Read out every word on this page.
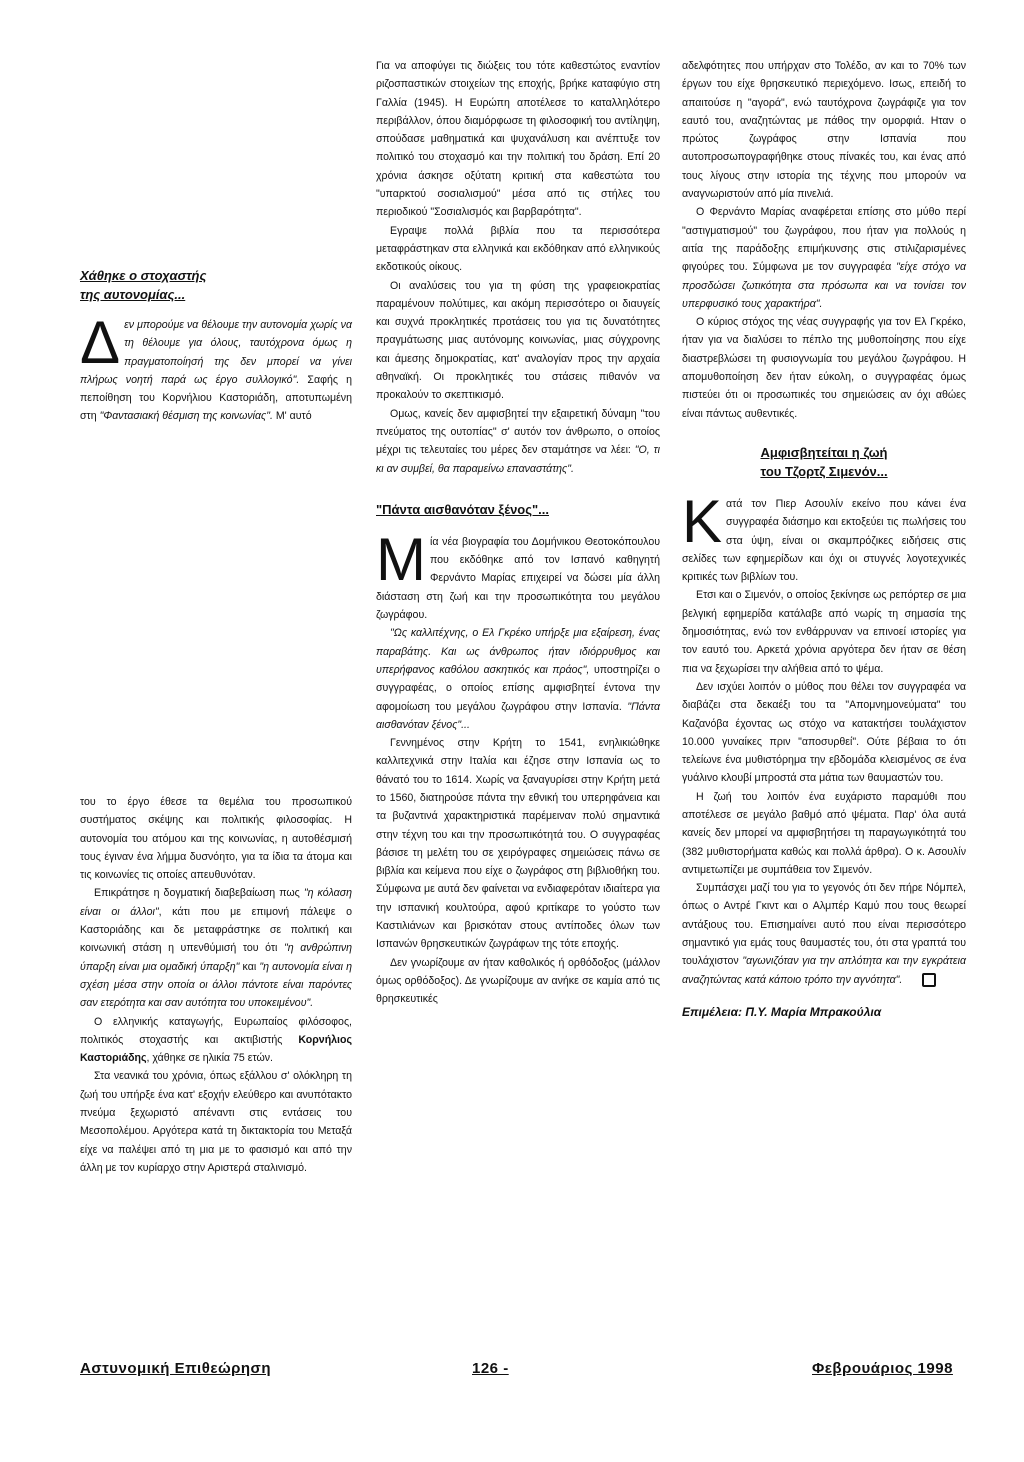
Χάθηκε ο στοχαστής
της αυτονομίας...

Δεν μπορούμε να θέλουμε την αυτονομία χωρίς να τη θέλουμε για όλους, ταυτόχρονα όμως η πραγματοποίησή της δεν μπορεί να γίνει πλήρως νοητή παρά ως έργο συλλογικό". Σαφής η πεποίθηση του Κορνήλιου Καστοριάδη, αποτυπωμένη στη "Φαντασιακή θέσμιση της κοινωνίας". Μ' αυτό

του το έργο έθεσε τα θεμέλια του προσωπικού συστήματος σκέψης και πολιτικής φιλοσοφίας. Η αυτονομία του ατόμου και της κοινωνίας, η αυτοθέσμισή τους έγιναν ένα λήμμα δυσνόητο, για τα ίδια τα άτομα και τις κοινωνίες τις οποίες απευθυνόταν.

Επικράτησε η δογματική διαβεβαίωση πως "η κόλαση είναι οι άλλοι", κάτι που με επιμονή πάλεψε ο Καστοριάδης και δε μεταφράστηκε σε πολιτική και κοινωνική στάση η υπενθύμισή του ότι "η ανθρώπινη ύπαρξη είναι μια ομαδική ύπαρξη" και "η αυτονομία είναι η σχέση μέσα στην οποία οι άλλοι πάντοτε είναι παρόντες σαν ετερότητα και σαν αυτότητα του υποκειμένου".

Ο ελληνικής καταγωγής, Ευρωπαίος φιλόσοφος, πολιτικός στοχαστής και ακτιβιστής Κορνήλιος Καστοριάδης, χάθηκε σε ηλικία 75 ετών.

Στα νεανικά του χρόνια, όπως εξάλλου σ' ολόκληρη τη ζωή του υπήρξε ένα κατ' εξοχήν ελεύθερο και ανυπότακτο πνεύμα ξεχωριστό απέναντι στις εντάσεις του Μεσοπολέμου. Αργότερα κατά τη δικτακτορία του Μεταξά είχε να παλέψει από τη μια με το φασισμό και από την άλλη με τον κυρίαρχο στην Αριστερά σταλινισμό.

Για να αποφύγει τις διώξεις του τότε καθεστώτος εναντίον ριζοσπαστικών στοιχείων της εποχής, βρήκε καταφύγιο στη Γαλλία (1945). Η Ευρώπη αποτέλεσε το καταλληλότερο περιβάλλον, όπου διαμόρφωσε τη φιλοσοφική του αντίληψη, σπούδασε μαθηματικά και ψυχανάλυση και ανέπτυξε τον πολιτικό του στοχασμό και την πολιτική του δράση. Επί 20 χρόνια άσκησε οξύτατη κριτική στα καθεστώτα του "υπαρκτού σοσιαλισμού" μέσα από τις στήλες του περιοδικού "Σοσιαλισμός και βαρβαρότητα".

Εγραψε πολλά βιβλία που τα περισσότερα μεταφράστηκαν στα ελληνικά και εκδόθηκαν από ελληνικούς εκδοτικούς οίκους.

Οι αναλύσεις του για τη φύση της γραφειοκρατίας παραμένουν πολύτιμες, και ακόμη περισσότερο οι διαυγείς και συχνά προκλητικές προτάσεις του για τις δυνατότητες πραγμάτωσης μιας αυτόνομης κοινωνίας, μιας σύγχρονης και άμεσης δημοκρατίας, κατ' αναλογίαν προς την αρχαία αθηναϊκή. Οι προκλητικές του στάσεις πιθανόν να προκαλούν το σκεπτικισμό.

Ομως, κανείς δεν αμφισβητεί την εξαιρετική δύναμη "του πνεύματος της ουτοπίας" σ' αυτόν τον άνθρωπο, ο οποίος μέχρι τις τελευταίες του μέρες δεν σταμάτησε να λέει: "Ο, τι κι αν συμβεί, θα παραμείνω επαναστάτης".

"Πάντα αισθανόταν ξένος"...

Μία νέα βιογραφία του Δομήνικου Θεοτοκόπουλου που εκδόθηκε από τον Ισπανό καθηγητή Φερνάντο Μαρίας επιχειρεί να δώσει μία άλλη διάσταση στη ζωή και την προσωπικότητα του μεγάλου ζωγράφου.

"Ως καλλιτέχνης, ο Ελ Γκρέκο υπήρξε μια εξαίρεση, ένας παραβάτης. Και ως άνθρωπος ήταν ιδιόρρυθμος και υπερήφανος καθόλου ασκητικός και πράος", υποστηρίζει ο συγγραφέας, ο οποίος επίσης αμφισβητεί έντονα την αφομοίωση του μεγάλου ζωγράφου στην Ισπανία. "Πάντα αισθανόταν ξένος"...

Γεννημένος στην Κρήτη το 1541, ενηλικιώθηκε καλλιτεχνικά στην Ιταλία και έζησε στην Ισπανία ως το θάνατό του το 1614. Χωρίς να ξαναγυρίσει στην Κρήτη μετά το 1560, διατηρούσε πάντα την εθνική του υπερηφάνεια και τα βυζαντινά χαρακτηριστικά παρέμειναν πολύ σημαντικά στην τέχνη του και την προσωπικότητά του. Ο συγγραφέας βάσισε τη μελέτη του σε χειρόγραφες σημειώσεις πάνω σε βιβλία και κείμενα που είχε ο ζωγράφος στη βιβλιοθήκη του. Σύμφωνα με αυτά δεν φαίνεται να ενδιαφερόταν ιδιαίτερα για την ισπανική κουλτούρα, αφού κριτίκαρε το γούστο των Καστιλιάνων και βρισκόταν στους αντίποδες όλων των Ισπανών θρησκευτικών ζωγράφων της τότε εποχής.

Δεν γνωρίζουμε αν ήταν καθολικός ή ορθόδοξος (μάλλον όμως ορθόδοξος). Δε γνωρίζουμε αν ανήκε σε καμία από τις θρησκευτικές

αδελφότητες που υπήρχαν στο Τολέδο, αν και το 70% των έργων του είχε θρησκευτικό περιεχόμενο. Ισως, επειδή το απαιτούσε η "αγορά", ενώ ταυτόχρονα ζωγράφιζε για τον εαυτό του, αναζητώντας με πάθος την ομορφιά. Ηταν ο πρώτος ζωγράφος στην Ισπανία που αυτοπροσωπογραφήθηκε στους πίνακές του, και ένας από τους λίγους στην ιστορία της τέχνης που μπορούν να αναγνωριστούν από μία πινελιά.

Ο Φερνάντο Μαρίας αναφέρεται επίσης στο μύθο περί "αστιγματισμού" του ζωγράφου, που ήταν για πολλούς η αιτία της παράδοξης επιμήκυνσης στις στιλιζαρισμένες φιγούρες του. Σύμφωνα με τον συγγραφέα "είχε στόχο να προσδώσει ζωτικότητα στα πρόσωπα και να τονίσει τον υπερφυσικό τους χαρακτήρα".

Ο κύριος στόχος της νέας συγγραφής για τον Ελ Γκρέκο, ήταν για να διαλύσει το πέπλο της μυθοποίησης που είχε διαστρεβλώσει τη φυσιογνωμία του μεγάλου ζωγράφου. Η απομυθοποίηση δεν ήταν εύκολη, ο συγγραφέας όμως πιστεύει ότι οι προσωπικές του σημειώσεις αν όχι αθώες είναι πάντως αυθεντικές.

Αμφισβητείται η ζωή
του Τζορτζ Σιμενόν...

Κατά τον Πιερ Ασουλίν εκείνο που κάνει ένα συγγραφέα διάσημο και εκτοξεύει τις πωλήσεις του στα ύψη, είναι οι σκαμπρόζικες ειδήσεις στις σελίδες των εφημερίδων και όχι οι στυγνές λογοτεχνικές κριτικές των βιβλίων του.

Ετσι και ο Σιμενόν, ο οποίος ξεκίνησε ως ρεπόρτερ σε μια βελγική εφημερίδα κατάλαβε από νωρίς τη σημασία της δημοσιότητας, ενώ τον ενθάρρυναν να επινοεί ιστορίες για τον εαυτό του. Αρκετά χρόνια αργότερα δεν ήταν σε θέση πια να ξεχωρίσει την αλήθεια από το ψέμα.

Δεν ισχύει λοιπόν ο μύθος που θέλει τον συγγραφέα να διαβάζει στα δεκαέξι του τα "Απομνημονεύματα" του Καζανόβα έχοντας ως στόχο να κατακτήσει τουλάχιστον 10.000 γυναίκες πριν "αποσυρθεί". Ούτε βέβαια το ότι τελείωνε ένα μυθιστόρημα την εβδομάδα κλεισμένος σε ένα γυάλινο κλουβί μπροστά στα μάτια των θαυμαστών του.

Η ζωή του λοιπόν ένα ευχάριστο παραμύθι που αποτέλεσε σε μεγάλο βαθμό από ψέματα. Παρ' όλα αυτά κανείς δεν μπορεί να αμφισβητήσει τη παραγωγικότητά του (382 μυθιστορήματα καθώς και πολλά άρθρα). Ο κ. Ασουλίν αντιμετωπίζει με συμπάθεια τον Σιμενόν.

Συμπάσχει μαζί του για το γεγονός ότι δεν πήρε Νόμπελ, όπως ο Αντρέ Γκιντ και ο Αλμπέρ Καμύ που τους θεωρεί αντάξιους του. Επισημαίνει αυτό που είναι περισσότερο σημαντικό για εμάς τους θαυμαστές του, ότι στα γραπτά του τουλάχιστον "αγωνιζόταν για την απλότητα και την εγκράτεια αναζητώντας κατά κάποιο τρόπο την αγνότητα".

Επιμέλεια: Π.Υ. Μαρία Μπρακούλια

Αστυνομική Επιθεώρηση	126 -	Φεβρουάριος 1998
